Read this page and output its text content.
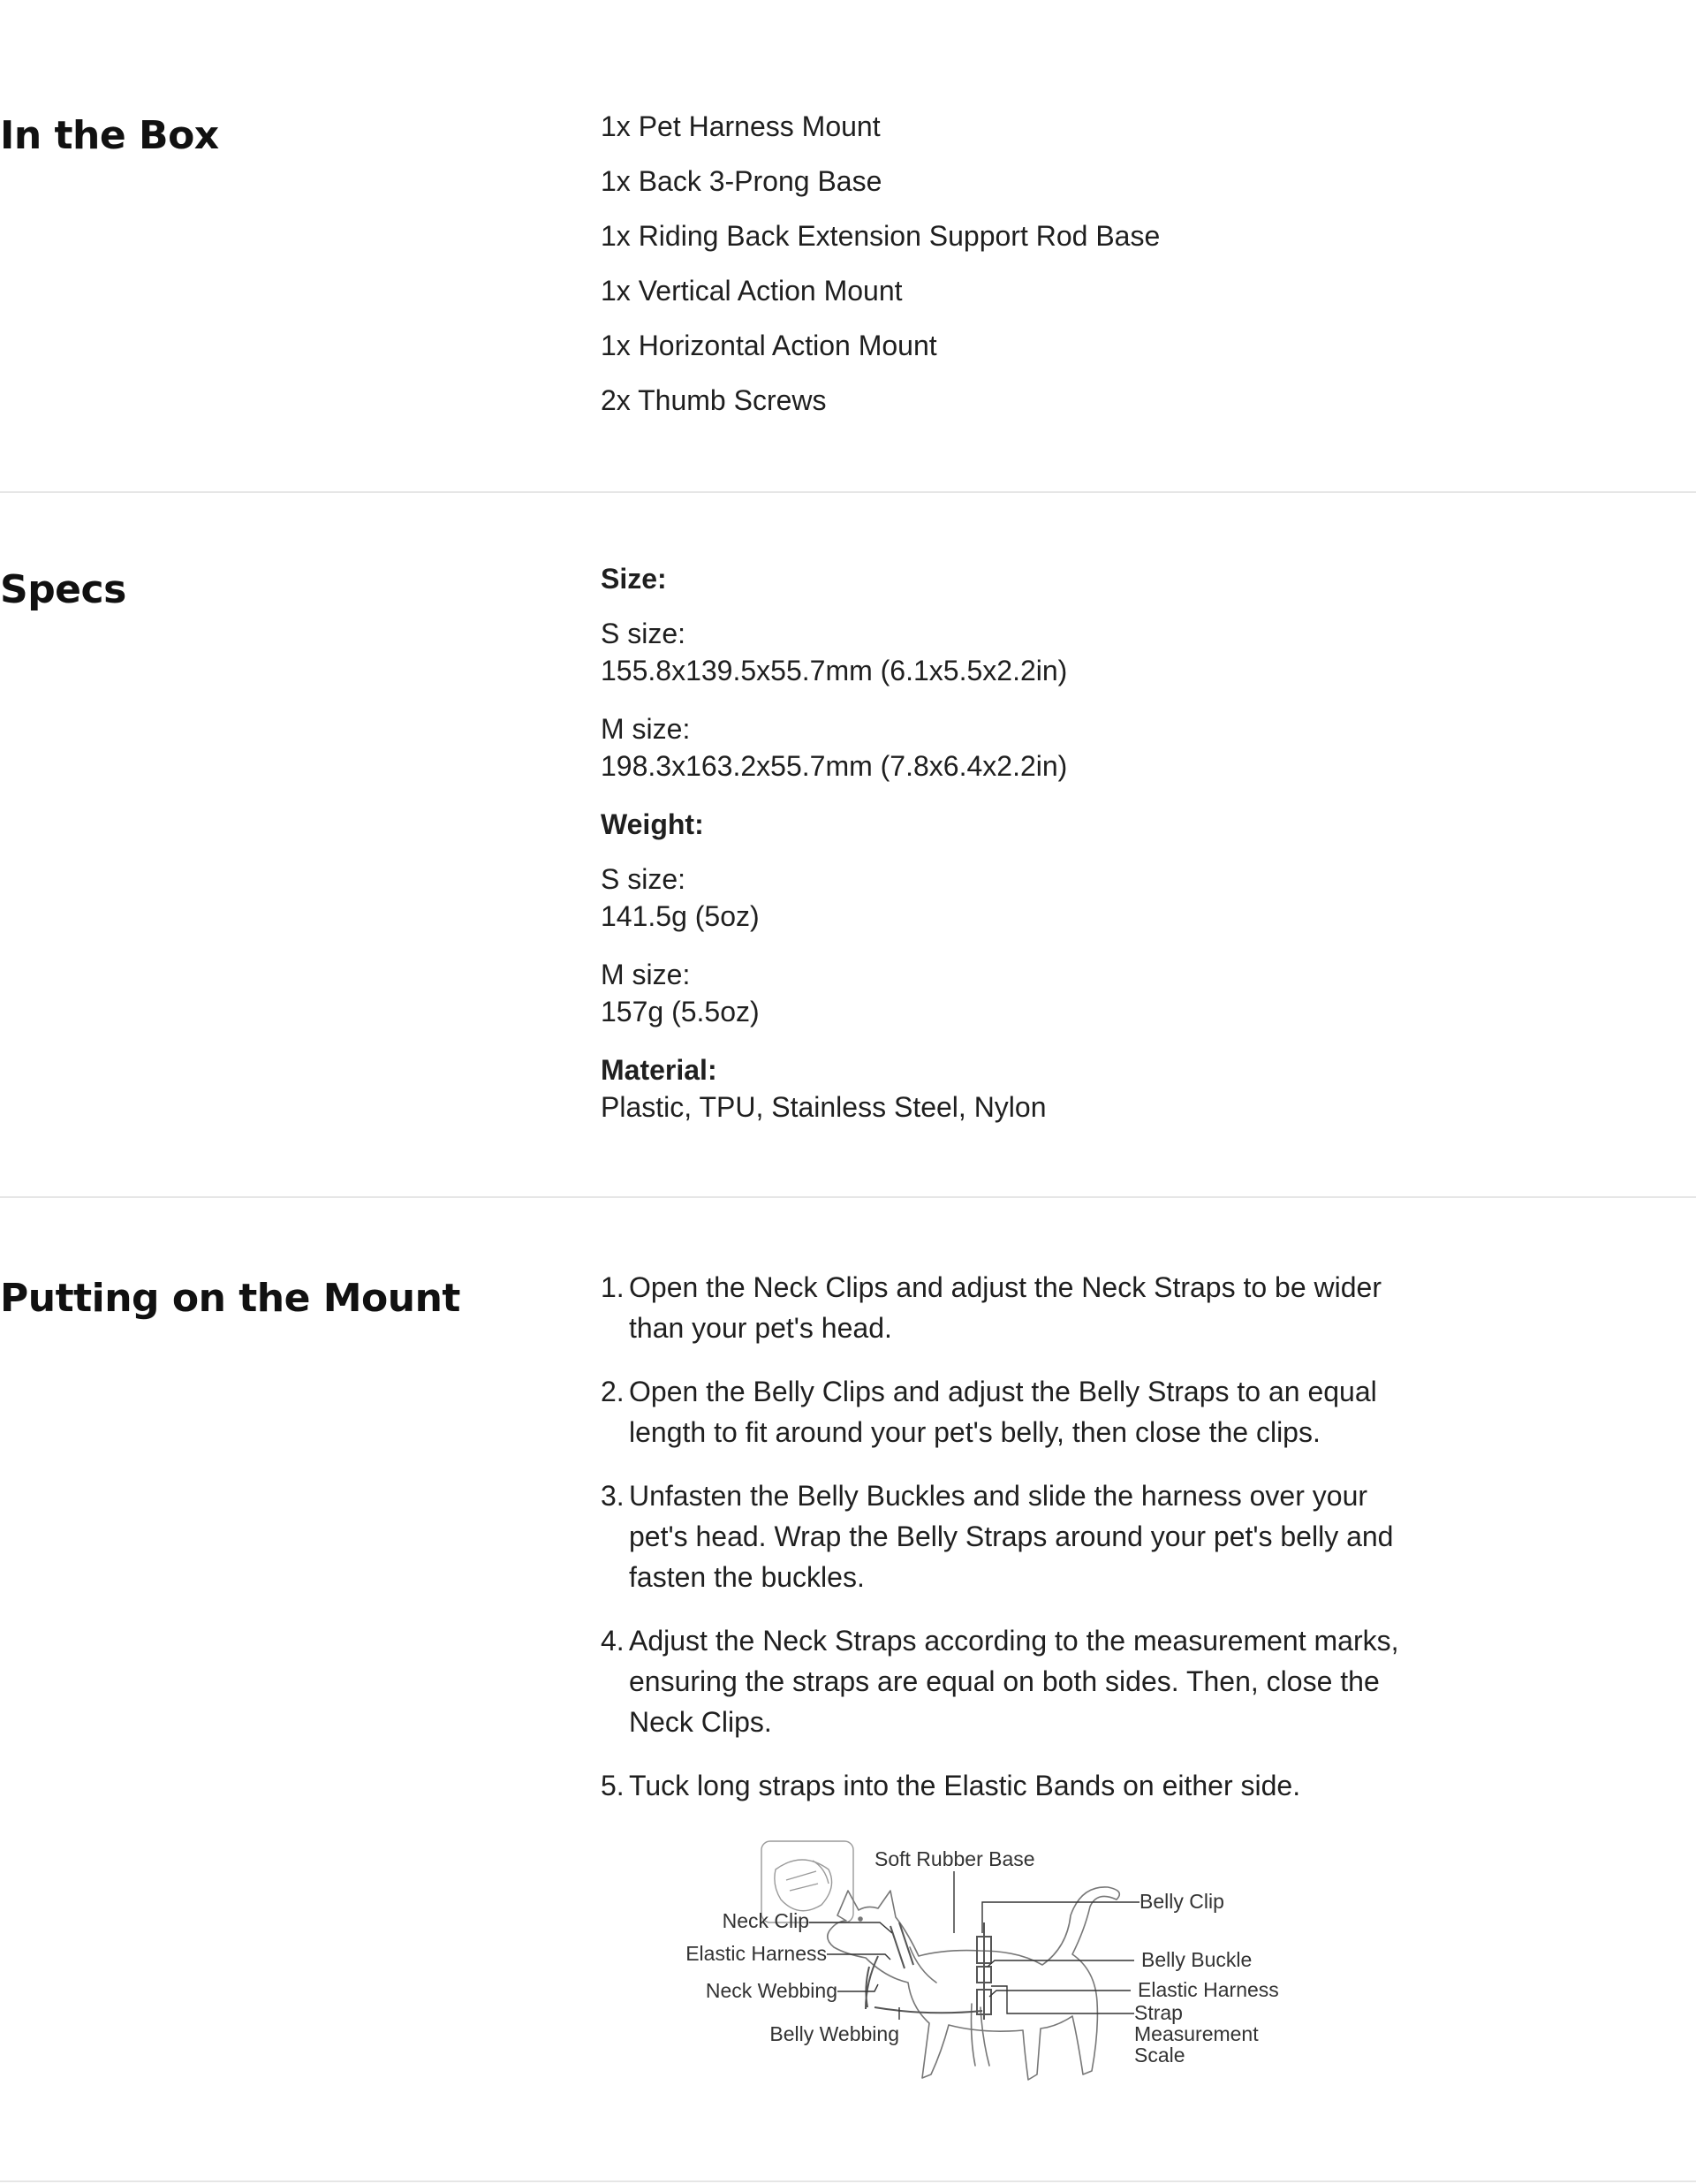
In the Box	1x Pet Harness Mount
1x Back 3-Prong Base
1x Riding Back Extension Support Rod Base
1x Vertical Action Mount
1x Horizontal Action Mount
2x Thumb Screws
Specs	Size:

S size:

155.8x139.5x55.7mm (6.1x5.5x2.2in)

M size:

198.3x163.2x55.7mm (7.8x6.4x2.2in)

Weight:

S size:

141.5g (5oz)

M size:

157g (5.5oz)

Material:

Plastic, TPU, Stainless Steel, Nylon

Putting on the Mount	1. Open the Neck Clips and adjust the Neck Straps to be wider than your pet's head.
2. Open the Belly Clips and adjust the Belly Straps to an equal length to fit around your pet's belly, then close the clips.
3. Unfasten the Belly Buckles and slide the harness over your pet's head. Wrap the Belly Straps around your pet's belly and fasten the buckles.
4. Adjust the Neck Straps according to the measurement marks, ensuring the straps are equal on both sides. Then, close the Neck Clips.
5. Tuck long straps into the Elastic Bands on either side.
Soft Rubber Base
Belly Clip
Neck Clip
Elastic Harness	Belly Buckle
Elastic Harness
Neck Webbing
Strap
Measurement
Scale
Belly Webbing
